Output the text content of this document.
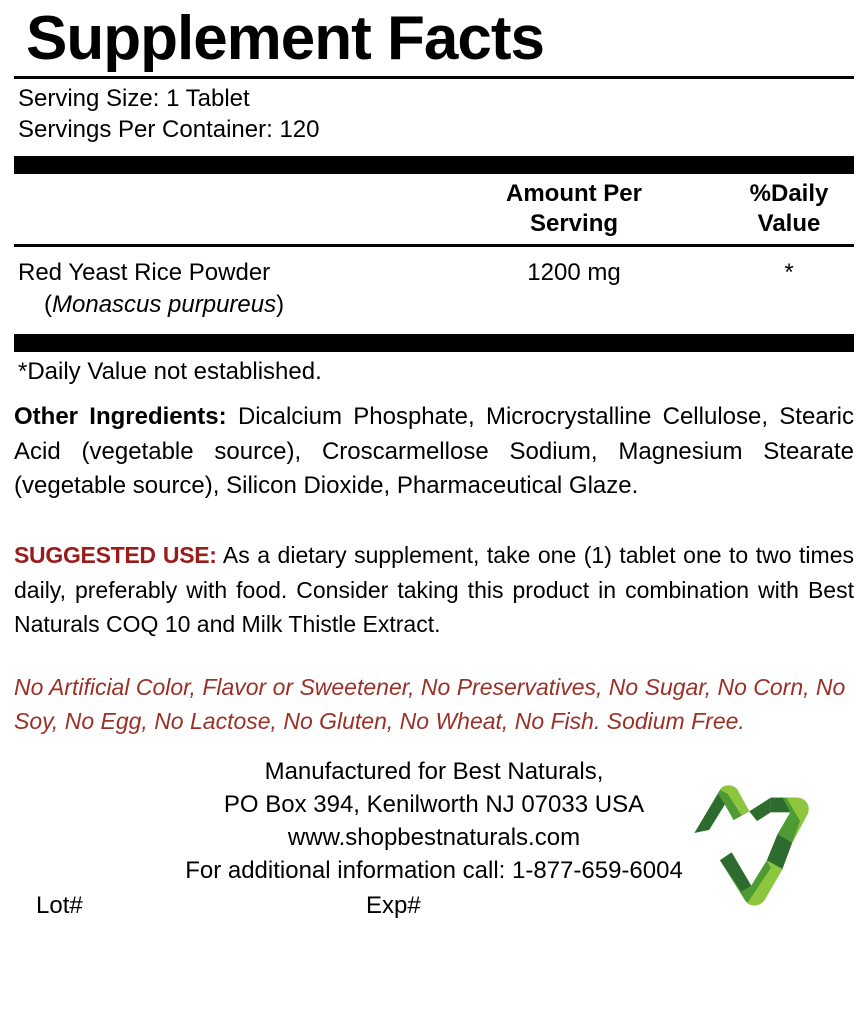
Supplement Facts
Serving Size: 1 Tablet
Servings Per Container: 120
Amount Per
Serving
%Daily
Value
Red Yeast Rice Powder
(Monascus purpureus)
1200 mg	*
*Daily Value not established.
Other Ingredients: Dicalcium Phosphate, Microcrystalline Cellulose, Stearic Acid (vegetable source), Croscarmellose Sodium, Magnesium Stearate (vegetable source), Silicon Dioxide, Pharmaceutical Glaze.
SUGGESTED USE: As a dietary supplement, take one (1) tablet one to two times daily, preferably with food. Consider taking this product in combination with Best Naturals COQ 10 and Milk Thistle Extract.
No Artificial Color, Flavor or Sweetener, No Preservatives, No Sugar, No Corn, No Soy, No Egg, No Lactose, No Gluten, No Wheat, No Fish. Sodium Free.
Manufactured for Best Naturals,
PO Box 394, Kenilworth NJ 07033 USA
www.shopbestnaturals.com
For additional information call: 1-877-659-6004
Lot#	Exp#
